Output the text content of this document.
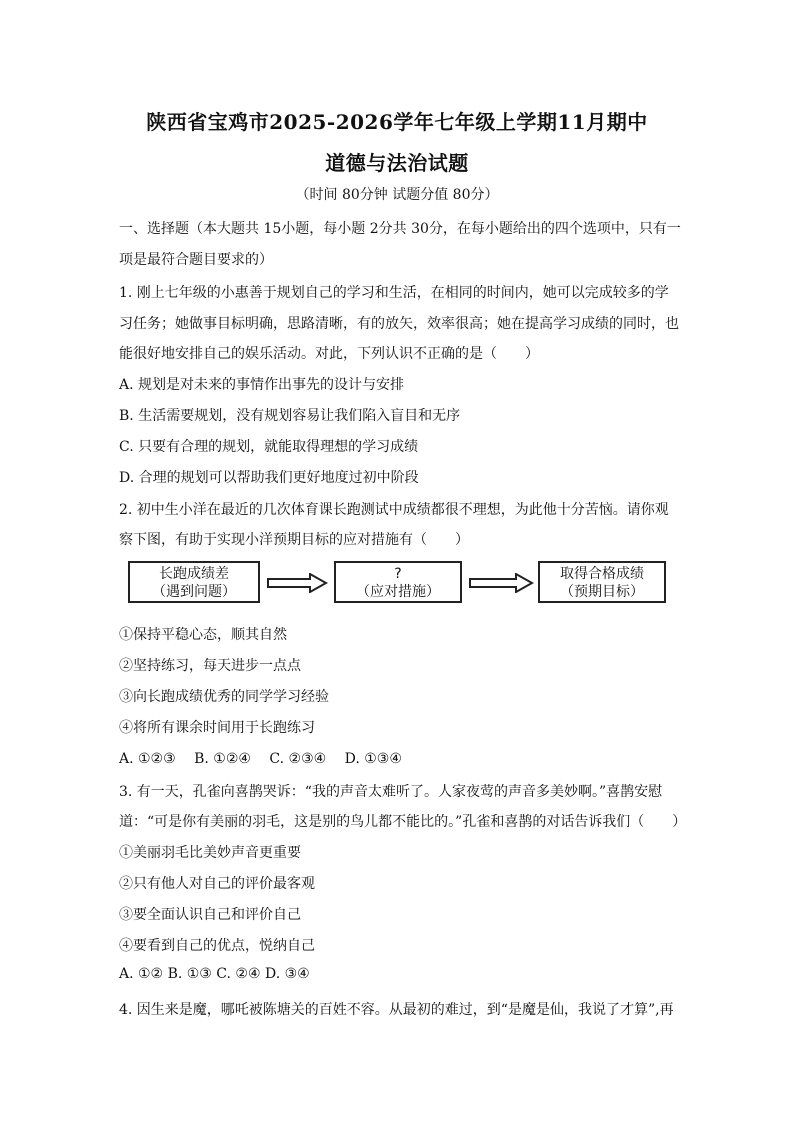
陕西省宝鸡市2025-2026学年七年级上学期11月期中
道德与法治试题
（时间 80分钟 试题分值 80分）
一、选择题（本大题共 15小题，每小题 2分共 30分，在每小题给出的四个选项中，只有一
项是最符合题目要求的）
1. 刚上七年级的小惠善于规划自己的学习和生活，在相同的时间内，她可以完成较多的学
习任务；她做事目标明确，思路清晰，有的放矢，效率很高；她在提高学习成绩的同时，也
能很好地安排自己的娱乐活动。对此，下列认识不正确的是（　　）
A. 规划是对未来的事情作出事先的设计与安排
B. 生活需要规划，没有规划容易让我们陷入盲目和无序
C. 只要有合理的规划，就能取得理想的学习成绩
D. 合理的规划可以帮助我们更好地度过初中阶段
2. 初中生小洋在最近的几次体育课长跑测试中成绩都很不理想，为此他十分苦恼。请你观
察下图，有助于实现小洋预期目标的应对措施有（　　）
长跑成绩差
（遇到问题）
?
（应对措施）
取得合格成绩
（预期目标）
①保持平稳心态，顺其自然
②坚持练习，每天进步一点点
③向长跑成绩优秀的同学学习经验
④将所有课余时间用于长跑练习
A. ①②③　 B. ①②④　 C. ②③④　 D. ①③④
3. 有一天，孔雀向喜鹊哭诉：“我的声音太难听了。人家夜莺的声音多美妙啊。”喜鹊安慰
道：“可是你有美丽的羽毛，这是别的鸟儿都不能比的。”孔雀和喜鹊的对话告诉我们（　　）
①美丽羽毛比美妙声音更重要
②只有他人对自己的评价最客观
③要全面认识自己和评价自己
④要看到自己的优点，悦纳自己
A. ①② B. ①③ C. ②④ D. ③④
4. 因生来是魔，哪吒被陈塘关的百姓不容。从最初的难过，到“是魔是仙，我说了才算”,再
